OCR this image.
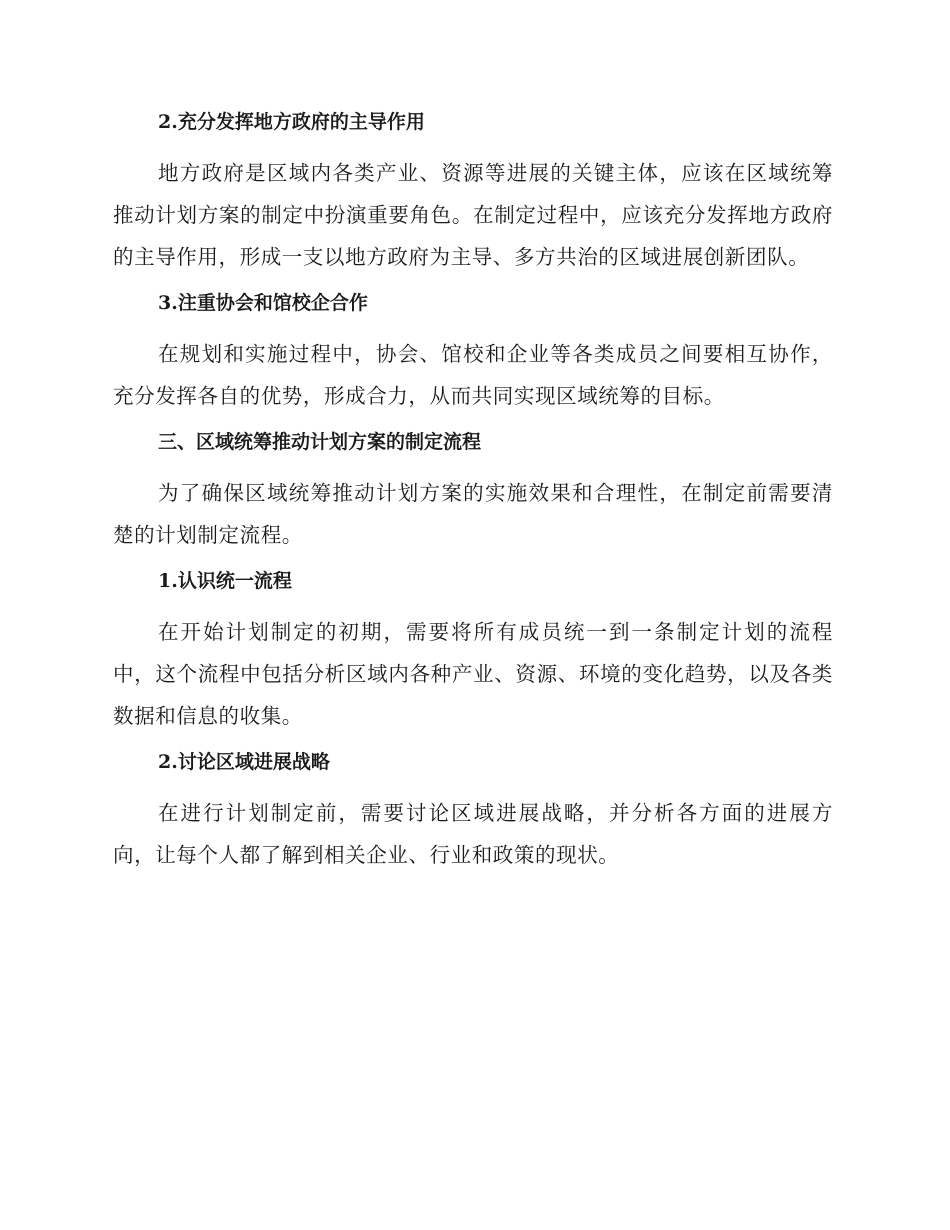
2.充分发挥地方政府的主导作用
地方政府是区域内各类产业、资源等进展的关键主体，应该在区域统筹推动计划方案的制定中扮演重要角色。在制定过程中，应该充分发挥地方政府的主导作用，形成一支以地方政府为主导、多方共治的区域进展创新团队。
3.注重协会和馆校企合作
在规划和实施过程中，协会、馆校和企业等各类成员之间要相互协作，充分发挥各自的优势，形成合力，从而共同实现区域统筹的目标。
三、区域统筹推动计划方案的制定流程
为了确保区域统筹推动计划方案的实施效果和合理性，在制定前需要清楚的计划制定流程。
1.认识统一流程
在开始计划制定的初期，需要将所有成员统一到一条制定计划的流程中，这个流程中包括分析区域内各种产业、资源、环境的变化趋势，以及各类数据和信息的收集。
2.讨论区域进展战略
在进行计划制定前，需要讨论区域进展战略，并分析各方面的进展方向，让每个人都了解到相关企业、行业和政策的现状。
